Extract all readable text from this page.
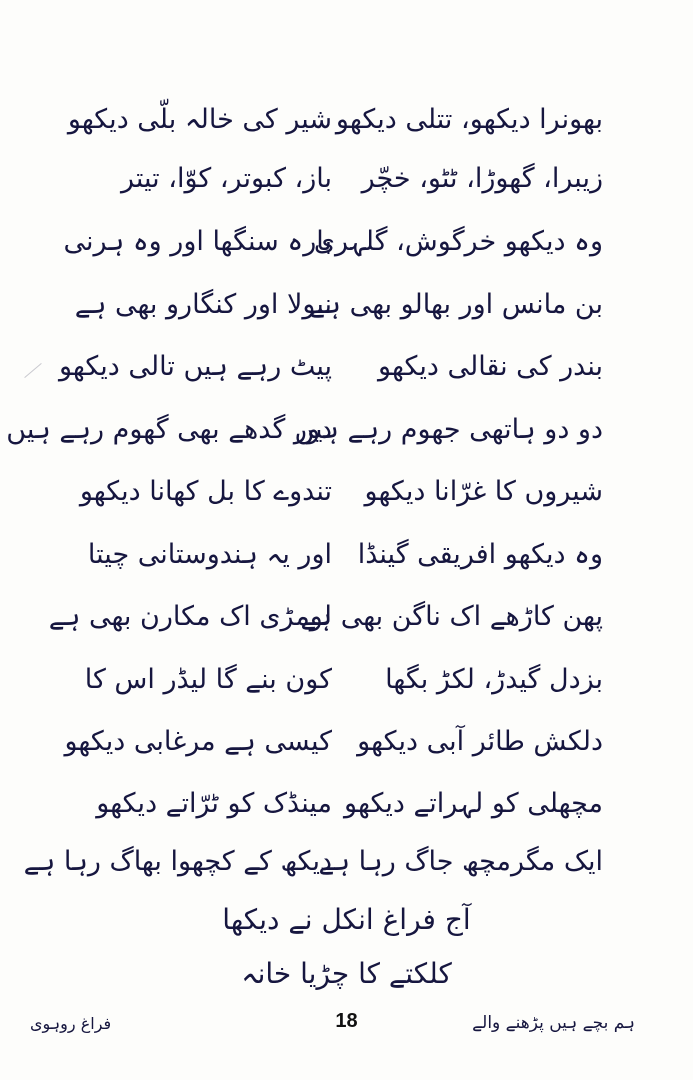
بھونرا دیکھو، تتلی دیکھو
شیر کی خالہ بلّی دیکھو
زیبرا، گھوڑا، ٹٹو، خچّر
باز، کبوتر، کوّا، تیتر
وہ دیکھو خرگوش، گلہری
بارہ سنگھا اور وہ ہرنی
بن مانس اور بھالو بھی ہے
نیولا اور کنگارو بھی ہے
بندر کی نقالی دیکھو
پیٹ رہے ہیں تالی دیکھو
دو دو ہاتھی جھوم رہے ہیں
دور گدھے بھی گھوم رہے ہیں
شیروں کا غرّانا دیکھو
تندوے کا بل کھانا دیکھو
وہ دیکھو افریقی گینڈا
اور یہ ہندوستانی چیتا
پھن کاڑھے اک ناگن بھی ہے
لومڑی اک مکارن بھی ہے
بزدل گیدڑ، لکڑ بگھا
کون بنے گا لیڈر اس کا
دلکش طائر آبی دیکھو
کیسی ہے مرغابی دیکھو
مچھلی کو لہراتے دیکھو
مینڈک کو ٹرّاتے دیکھو
ایک مگرمچھ جاگ رہا ہے
دیکھ کے کچھوا بھاگ رہا ہے
آج فراغ انکل نے دیکھا
کلکتے کا چڑیا خانہ
ہم بچے ہیں پڑھنے والے
18
فراغ روہوی
